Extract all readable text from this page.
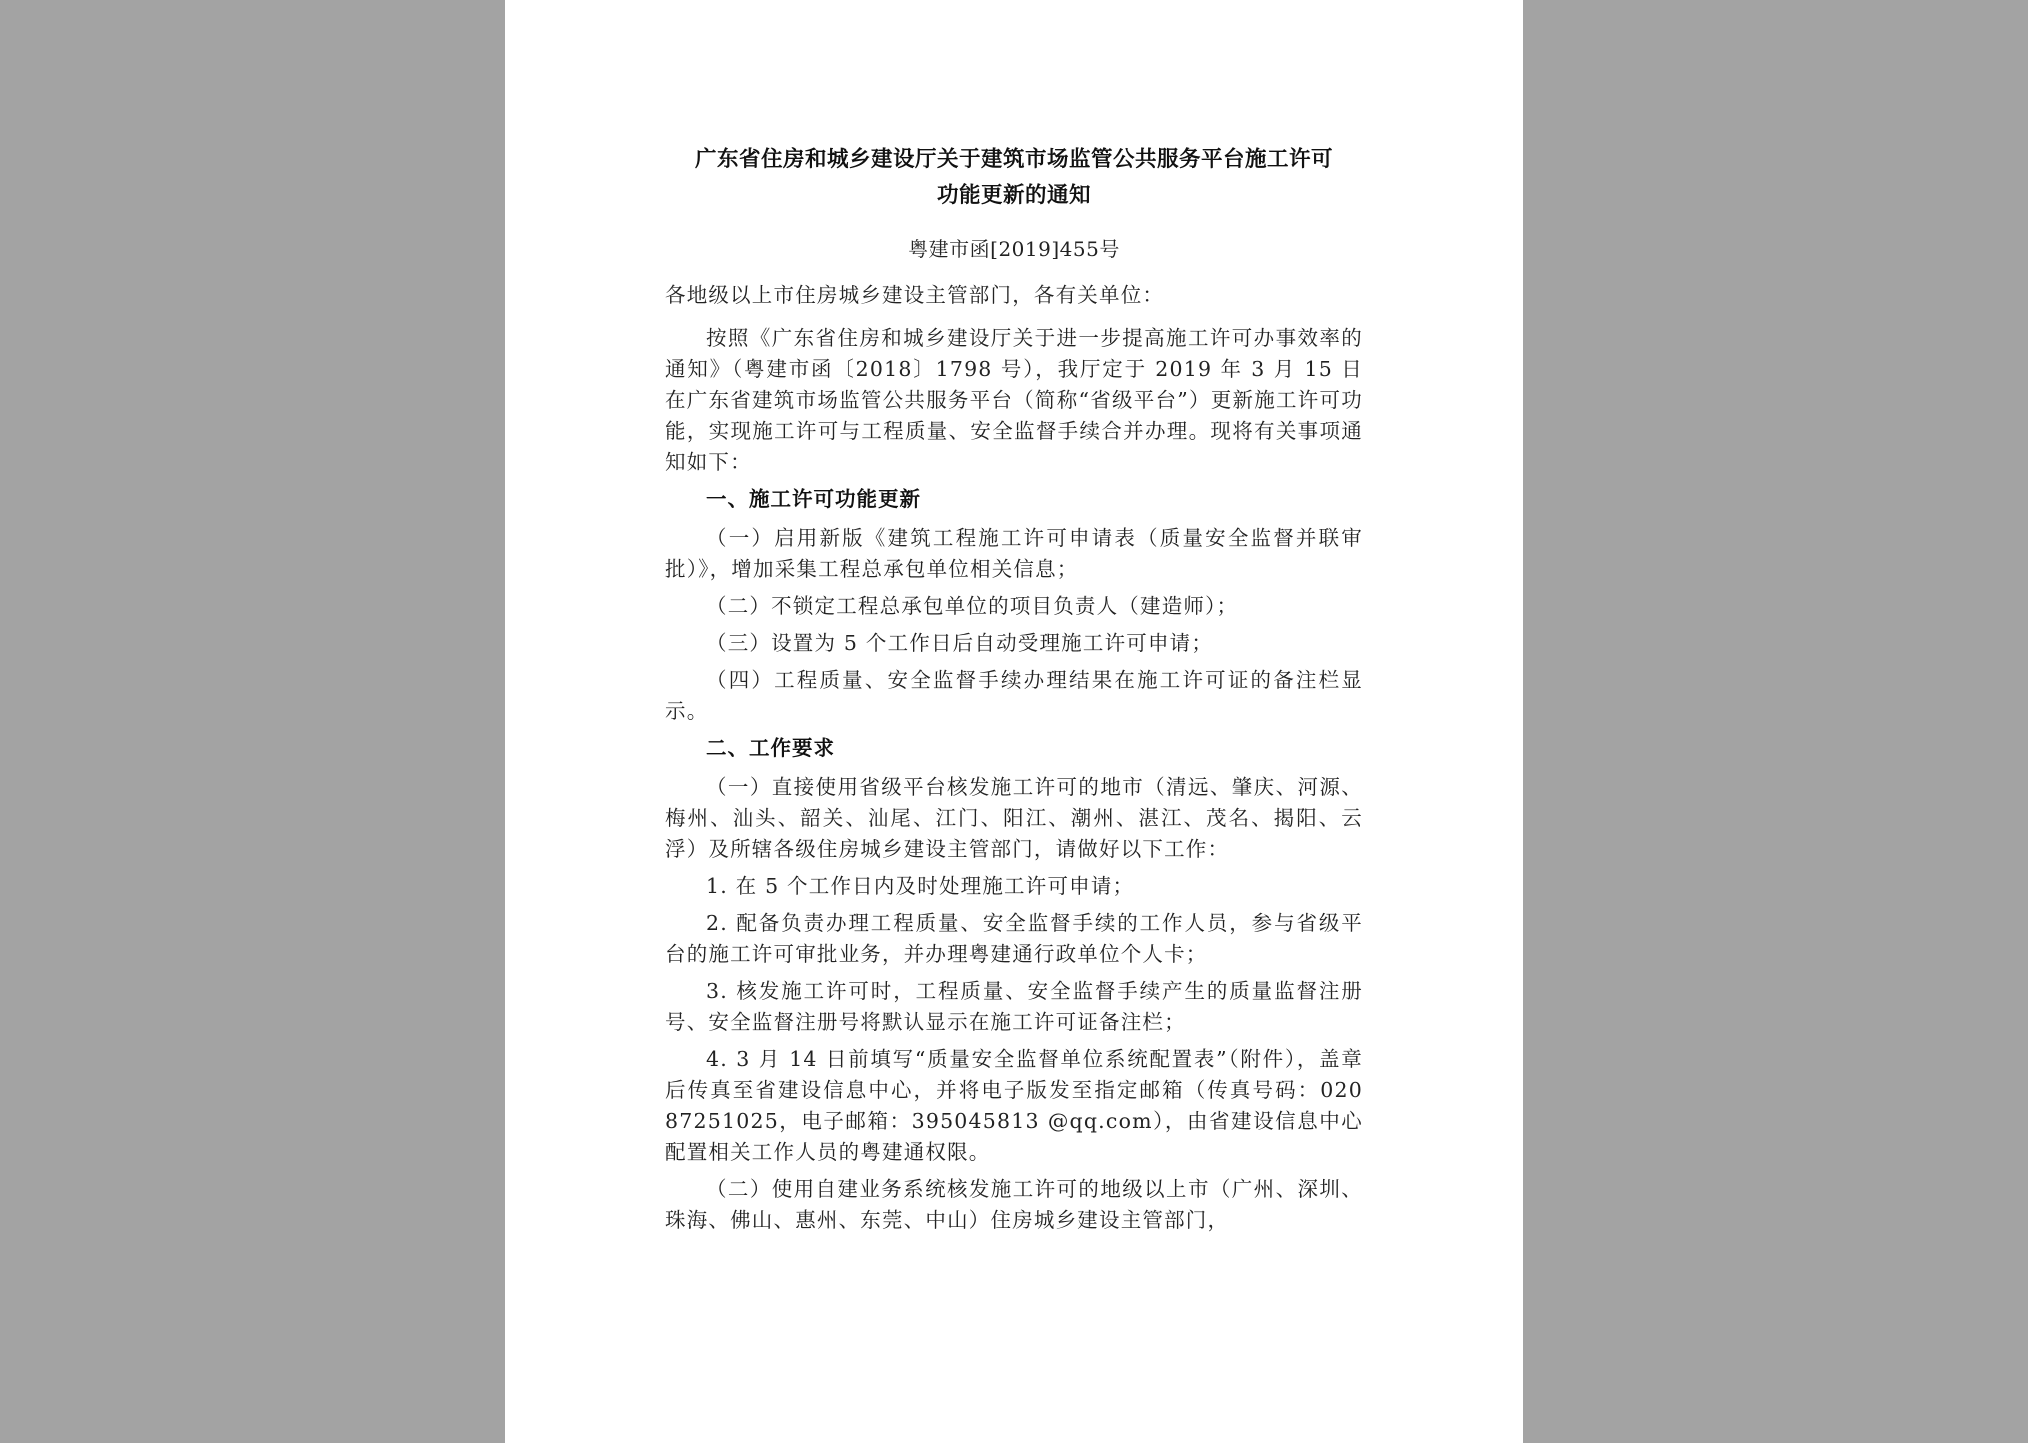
广东省住房和城乡建设厅关于建筑市场监管公共服务平台施工许可

功能更新的通知

粤建市函[2019]455号

各地级以上市住房城乡建设主管部门，各有关单位：

按照《广东省住房和城乡建设厅关于进一步提高施工许可办事效率的通知》（粤建市函〔2018〕1798 号），我厅定于 2019 年 3 月 15 日在广东省建筑市场监管公共服务平台（简称“省级平台”）更新施工许可功能，实现施工许可与工程质量、安全监督手续合并办理。现将有关事项通知如下：

一、施工许可功能更新

（一）启用新版《建筑工程施工许可申请表（质量安全监督并联审批）》，增加采集工程总承包单位相关信息；

（二）不锁定工程总承包单位的项目负责人（建造师）；

（三）设置为 5 个工作日后自动受理施工许可申请；

（四）工程质量、安全监督手续办理结果在施工许可证的备注栏显示。

二、工作要求

（一）直接使用省级平台核发施工许可的地市（清远、肇庆、河源、梅州、汕头、韶关、汕尾、江门、阳江、潮州、湛江、茂名、揭阳、云浮）及所辖各级住房城乡建设主管部门，请做好以下工作：

1. 在 5 个工作日内及时处理施工许可申请；

2. 配备负责办理工程质量、安全监督手续的工作人员，参与省级平台的施工许可审批业务，并办理粤建通行政单位个人卡；

3. 核发施工许可时，工程质量、安全监督手续产生的质量监督注册号、安全监督注册号将默认显示在施工许可证备注栏；

4. 3 月 14 日前填写“质量安全监督单位系统配置表”（附件），盖章后传真至省建设信息中心，并将电子版发至指定邮箱（传真号码：020 87251025，电子邮箱：395045813 @qq.com），由省建设信息中心配置相关工作人员的粤建通权限。

（二）使用自建业务系统核发施工许可的地级以上市（广州、深圳、珠海、佛山、惠州、东莞、中山）住房城乡建设主管部门，
